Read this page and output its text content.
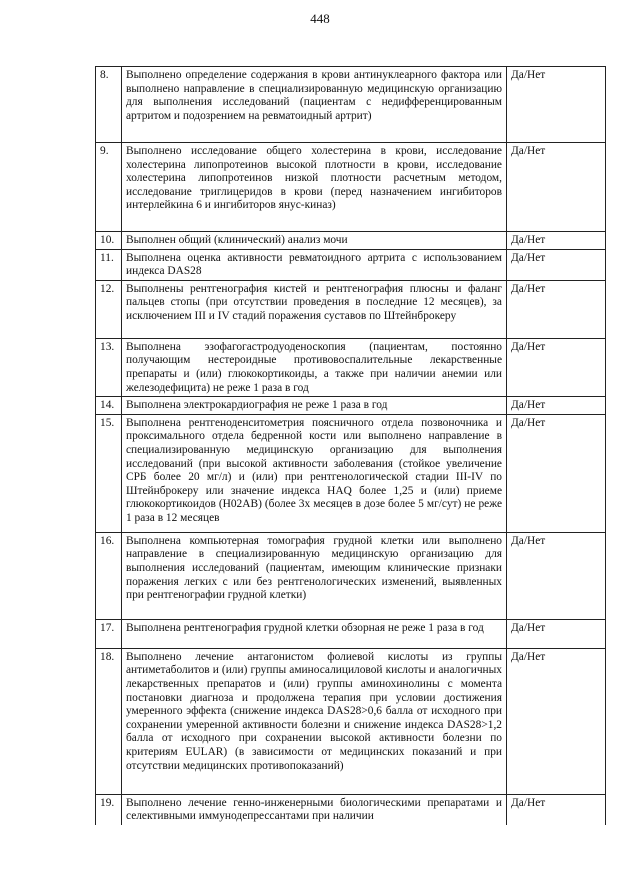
448
8.	Выполнено определение содержания в крови антинуклеарного фактора или выполнено направление в специализированную медицинскую организацию для выполнения исследований (пациентам с недифференцированным артритом и подозрением на ревматоидный артрит)	Да/Нет
9.	Выполнено исследование общего холестерина в крови, исследование холестерина липопротеинов высокой плотности в крови, исследование холестерина липопротеинов низкой плотности расчетным методом, исследование триглицеридов в крови (перед назначением ингибиторов интерлейкина 6 и ингибиторов янус-киназ)	Да/Нет
10.	Выполнен общий (клинический) анализ мочи	Да/Нет
11.	Выполнена оценка активности ревматоидного артрита с использованием индекса DAS28	Да/Нет
12.	Выполнены рентгенография кистей и рентгенография плюсны и фаланг пальцев стопы (при отсутствии проведения в последние 12 месяцев), за исключением III и IV стадий поражения суставов по Штейнброкеру	Да/Нет
13.	Выполнена эзофагогастродуоденоскопия (пациентам, постоянно получающим нестероидные противовоспалительные лекарственные препараты и (или) глюкокортикоиды, а также при наличии анемии или железодефицита) не реже 1 раза в год	Да/Нет
14.	Выполнена электрокардиография не реже 1 раза в год	Да/Нет
15.	Выполнена рентгеноденситометрия поясничного отдела позвоночника и проксимального отдела бедренной кости или выполнено направление в специализированную медицинскую организацию для выполнения исследований (при высокой активности заболевания (стойкое увеличение СРБ более 20 мг/л) и (или) при рентгенологической стадии III-IV по Штейнброкеру или значение индекса HAQ более 1,25 и (или) приеме глюкокортикоидов (H02AB) (более 3х месяцев в дозе более 5 мг/сут) не реже 1 раза в 12 месяцев	Да/Нет
16.	Выполнена компьютерная томография грудной клетки или выполнено направление в специализированную медицинскую организацию для выполнения исследований (пациентам, имеющим клинические признаки поражения легких с или без рентгенологических изменений, выявленных при рентгенографии грудной клетки)	Да/Нет
17.	Выполнена рентгенография грудной клетки обзорная не реже 1 раза в год	Да/Нет
18.	Выполнено лечение антагонистом фолиевой кислоты из группы антиметаболитов и (или) группы аминосалициловой кислоты и аналогичных лекарственных препаратов и (или) группы аминохинолины с момента постановки диагноза и продолжена терапия при условии достижения умеренного эффекта (снижение индекса DAS28>0,6 балла от исходного при сохранении умеренной активности болезни и снижение индекса DAS28>1,2 балла от исходного при сохранении высокой активности болезни по критериям EULAR) (в зависимости от медицинских показаний и при отсутствии медицинских противопоказаний)	Да/Нет
19.	Выполнено лечение генно-инженерными биологическими препаратами и селективными иммунодепрессантами при наличии	Да/Нет
